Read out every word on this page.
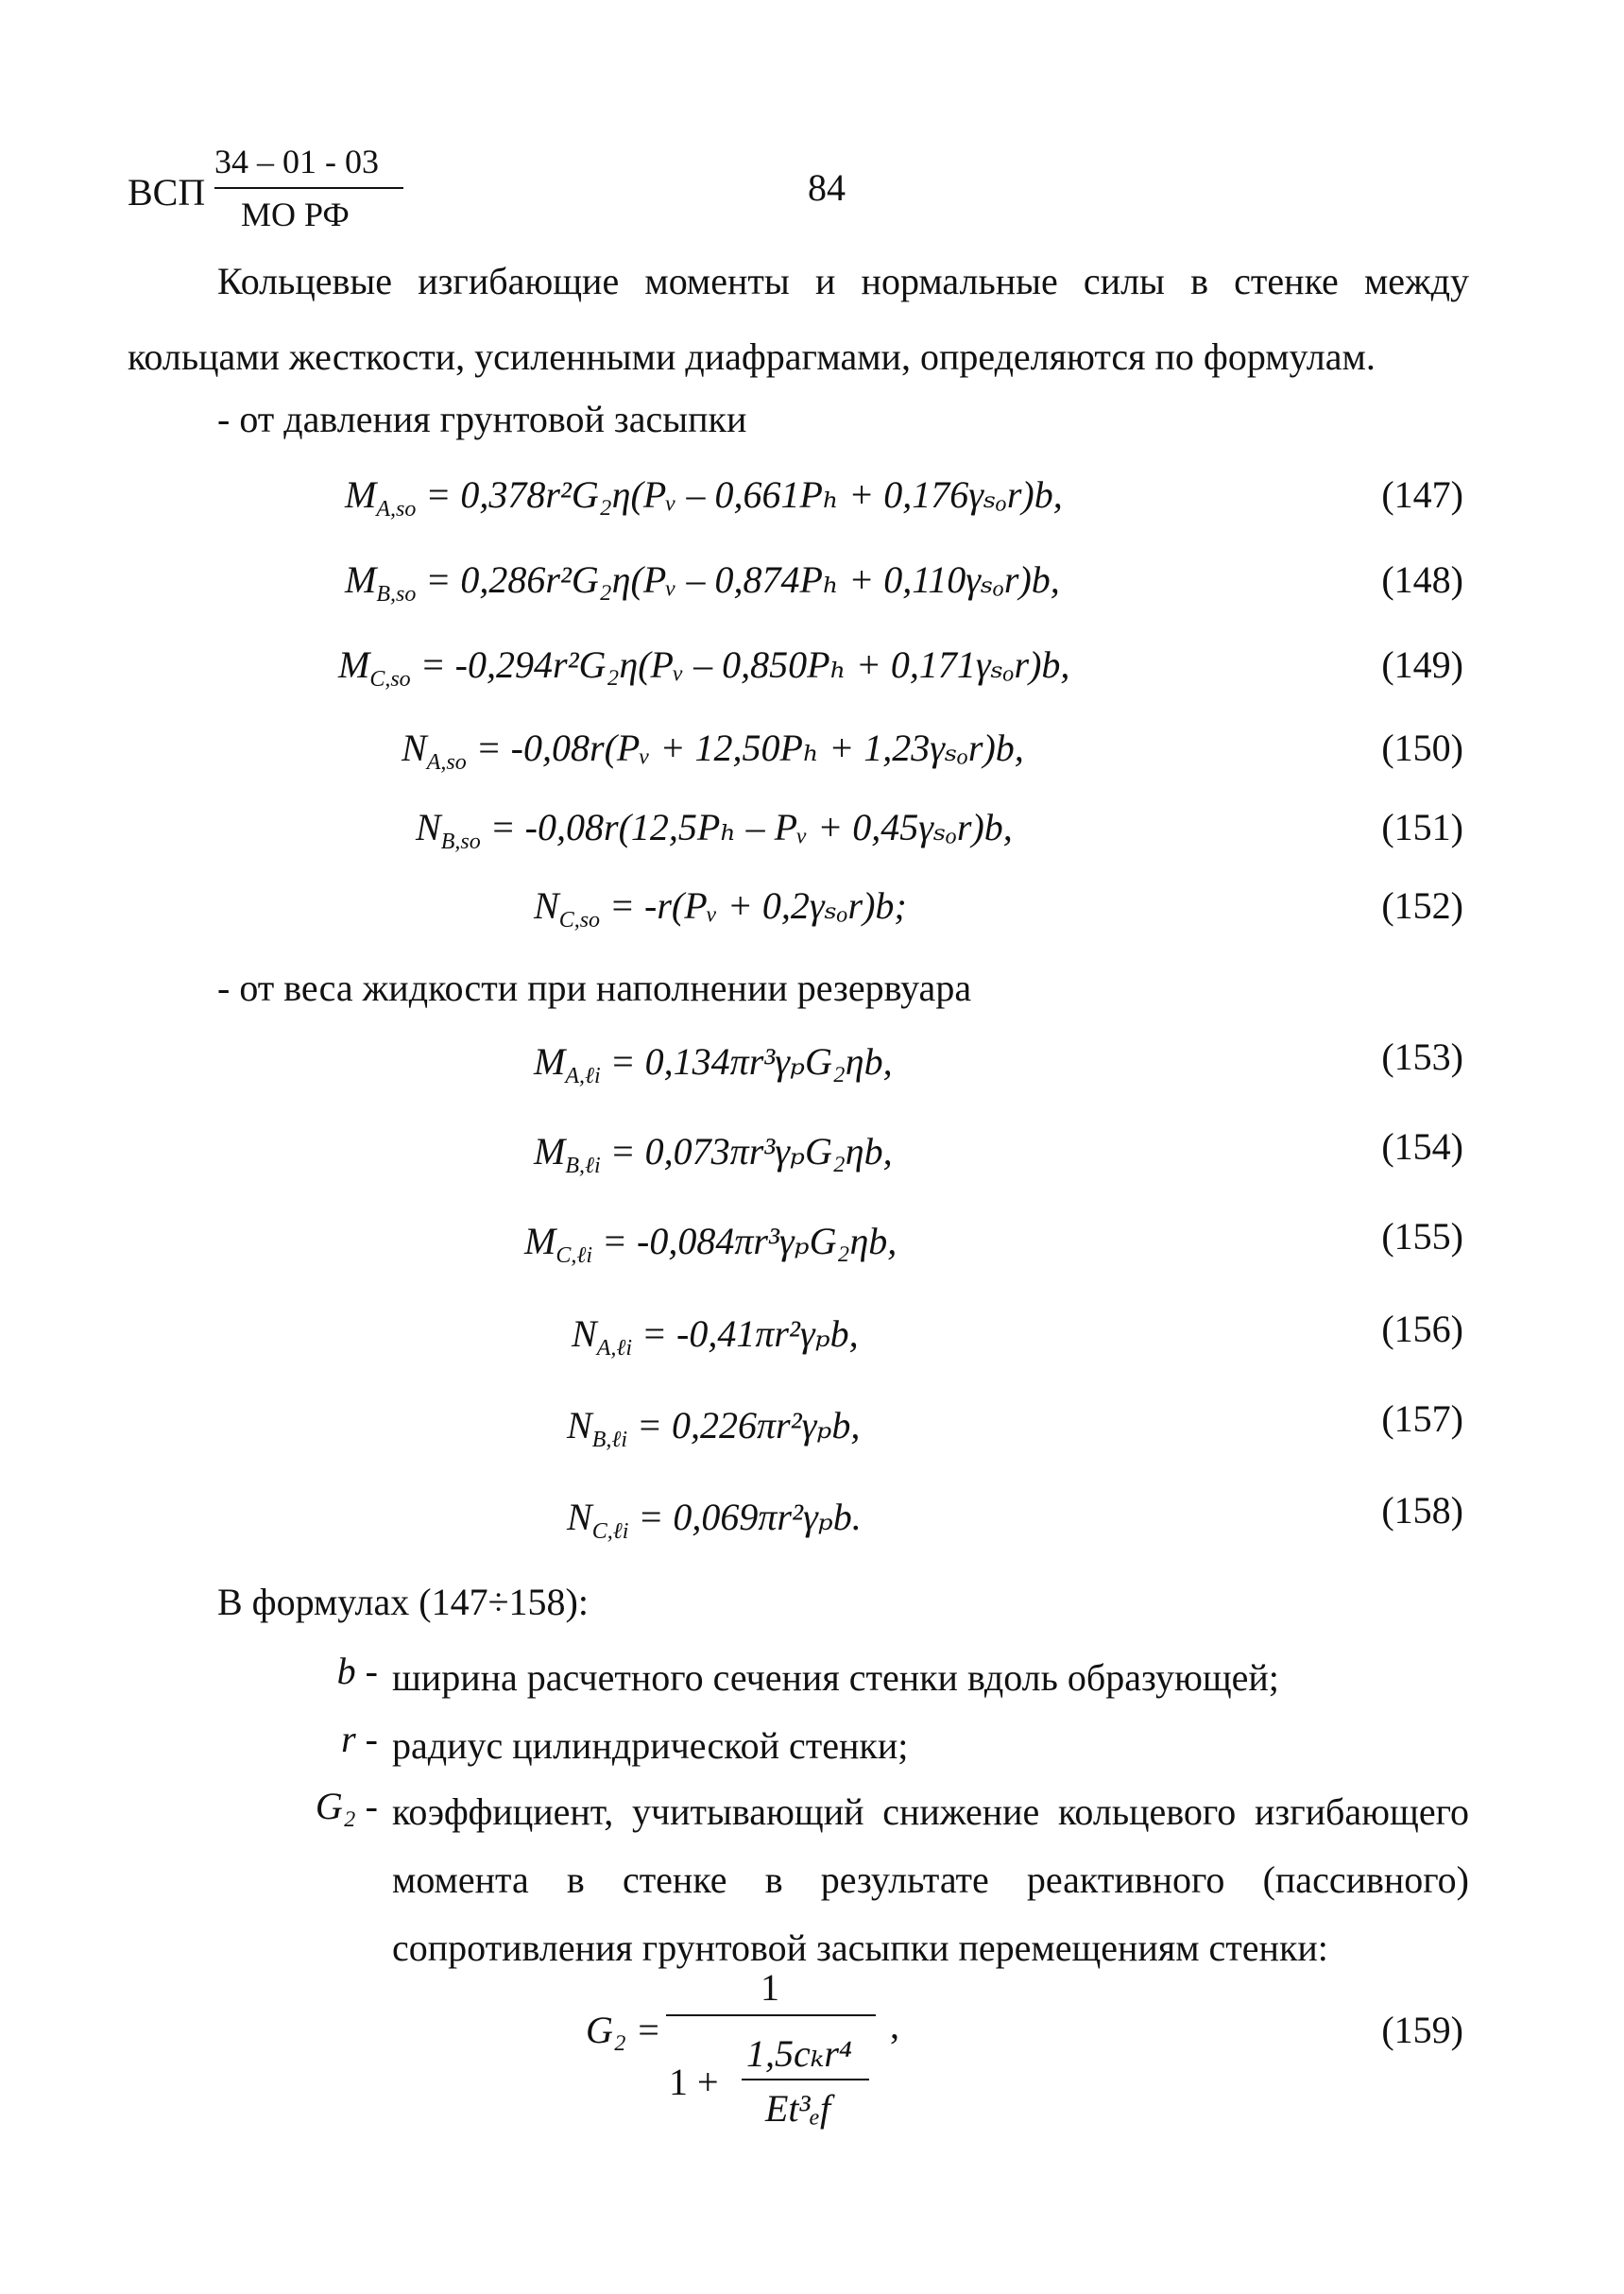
ВСП
34 – 01 - 03
МО РФ
84
Кольцевые изгибающие моменты и нормальные силы в стенке между кольцами жесткости, усиленными диафрагмами, определяются по формулам.
- от давления грунтовой засыпки
$M_{A,so}$ = 0,378r²G₂η(Pᵥ – 0,661Pₕ + 0,176γₛₒr)b,	(147)
$M_{B,so}$ = 0,286r²G₂η(Pᵥ – 0,874Pₕ + 0,110γₛₒr)b,	(148)
$M_{C,so}$ = -0,294r²G₂η(Pᵥ – 0,850Pₕ + 0,171γₛₒr)b,	(149)
$N_{A,so}$ = -0,08r(Pᵥ + 12,50Pₕ + 1,23γₛₒr)b,	(150)
$N_{B,so} = -0,08r(12,5P_h$ – Pᵥ + 0,45γₛₒr)b,	(151)
$N_{C,so}$ = -r(Pᵥ + 0,2γₛₒr)b;	(152)
- от веса жидкости при наполнении резервуара
$M_{A,\ell i} = 0,134\pi r^3\gamma_pG_2\eta b$,	(153)
$M_{B,\ell i} = 0,073\pi r^3\gamma_pG_2\eta b$,	(154)
$M_{C,\ell i} = -0,084\pi r^3\gamma_pG_2\eta b$,	(155)
$N_{A,\ell i} = -0,41\pi r^2\gamma_pb$,	(156)
$N_{B,\ell i} = 0,226\pi r^2\gamma_pb$,	(157)
$N_{C,\ell i} = 0,069\pi r^2\gamma_pb$.	(158)
В формулах (147÷158):
b - ширина расчетного сечения стенки вдоль образующей;
r - радиус цилиндрической стенки;
G₂ - коэффициент, учитывающий снижение кольцевого изгибающего момента в стенке в результате реактивного (пассивного) сопротивления грунтовой засыпки перемещениям стенки:
G₂ =
1
1 +
1,5cₖr⁴
Et³ₑf
,	(159)
